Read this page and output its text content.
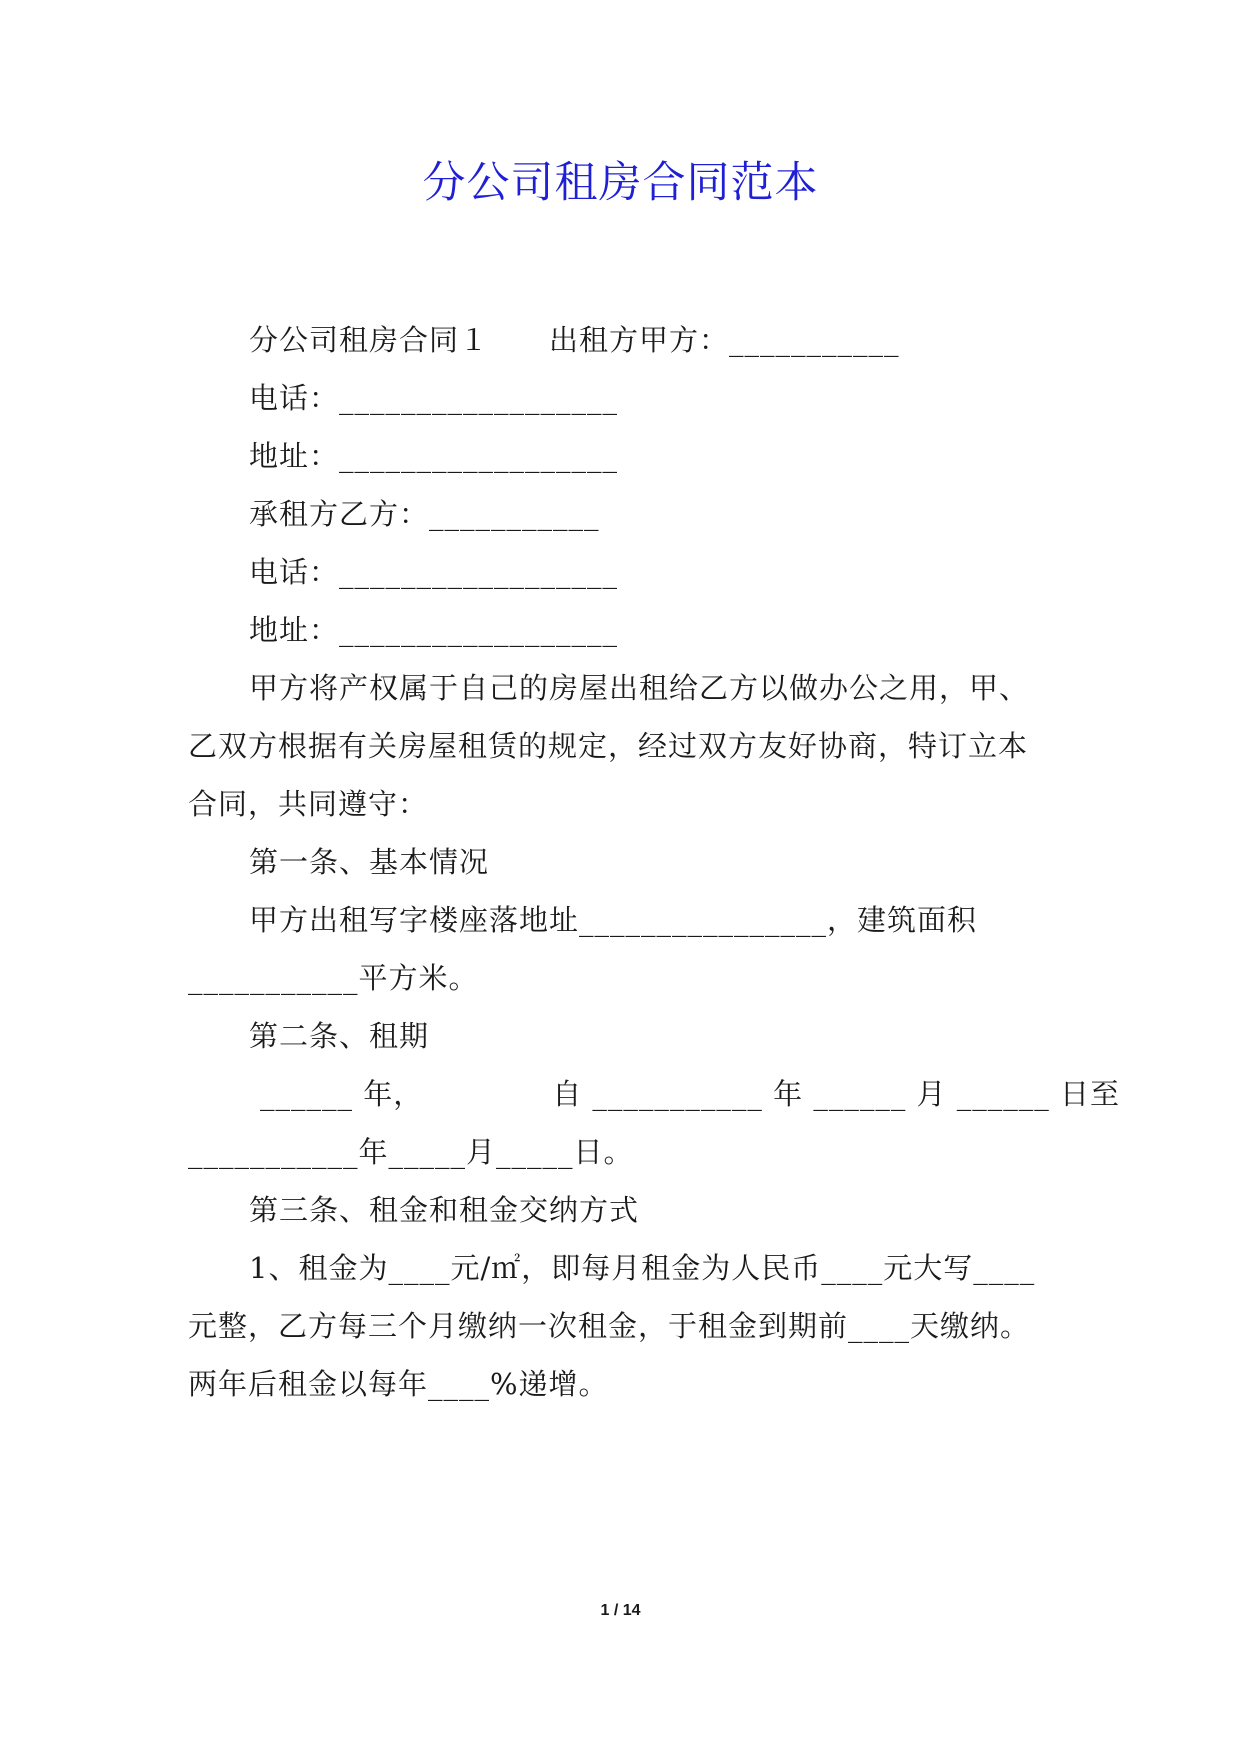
分公司租房合同范本
分公司租房合同１　　出租方甲方：___________
电话：__________________
地址：__________________
承租方乙方：___________
电话：__________________
地址：__________________
甲方将产权属于自己的房屋出租给乙方以做办公之用，甲、
乙双方根据有关房屋租赁的规定，经过双方友好协商，特订立本
合同，共同遵守：
第一条、基本情况
甲方出租写字楼座落地址________________，建筑面积
___________平方米。
第二条、租期
______ 年，	自 ___________ 年 ______ 月 ______ 日至
___________年_____月_____日。
第三条、租金和租金交纳方式
1、租金为____元/㎡，即每月租金为人民币____元大写____
元整，乙方每三个月缴纳一次租金，于租金到期前____天缴纳。
两年后租金以每年____%递增。
1 / 14
